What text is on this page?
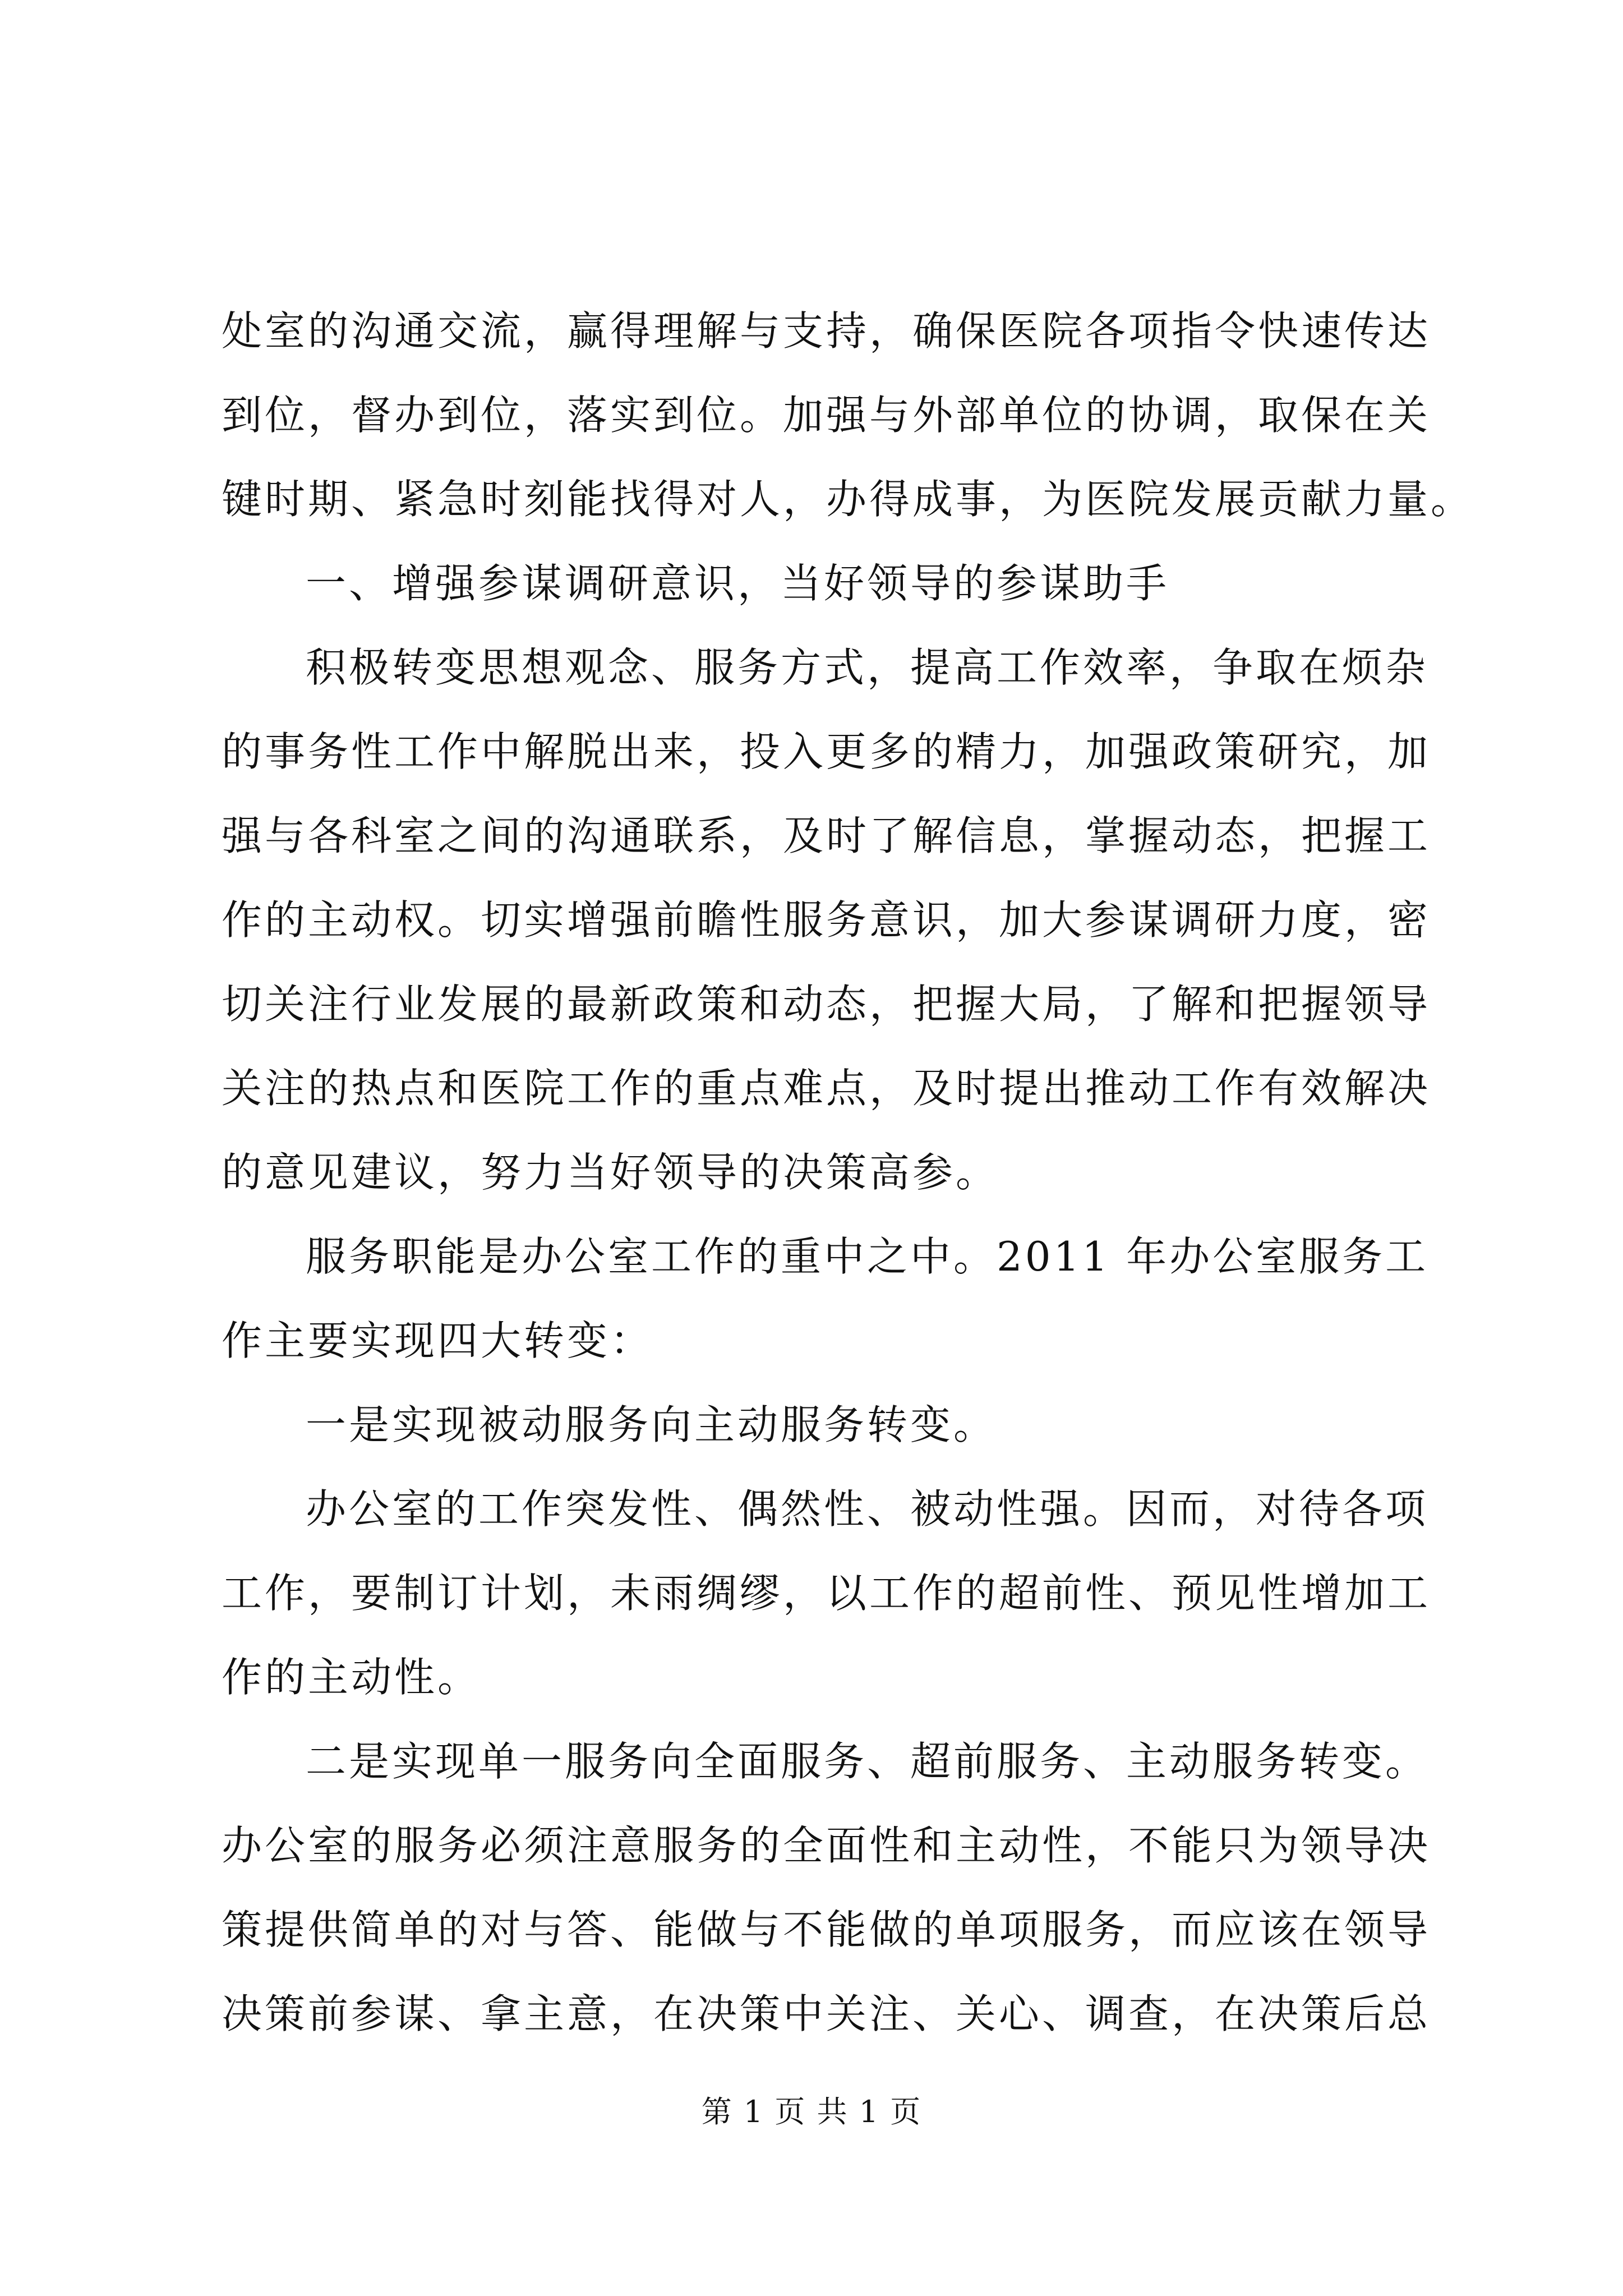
处室的沟通交流，赢得理解与支持，确保医院各项指令快速传达
到位，督办到位，落实到位。加强与外部单位的协调，取保在关
键时期、紧急时刻能找得对人，办得成事，为医院发展贡献力量。
一、增强参谋调研意识，当好领导的参谋助手
积极转变思想观念、服务方式，提高工作效率，争取在烦杂
的事务性工作中解脱出来，投入更多的精力，加强政策研究，加
强与各科室之间的沟通联系，及时了解信息，掌握动态，把握工
作的主动权。切实增强前瞻性服务意识，加大参谋调研力度，密
切关注行业发展的最新政策和动态，把握大局，了解和把握领导
关注的热点和医院工作的重点难点，及时提出推动工作有效解决
的意见建议，努力当好领导的决策高参。
服务职能是办公室工作的重中之中。2011 年办公室服务工
作主要实现四大转变：
一是实现被动服务向主动服务转变。
办公室的工作突发性、偶然性、被动性强。因而，对待各项
工作，要制订计划，未雨绸缪，以工作的超前性、预见性增加工
作的主动性。
二是实现单一服务向全面服务、超前服务、主动服务转变。
办公室的服务必须注意服务的全面性和主动性，不能只为领导决
策提供简单的对与答、能做与不能做的单项服务，而应该在领导
决策前参谋、拿主意，在决策中关注、关心、调查，在决策后总
第 1 页 共 1 页
